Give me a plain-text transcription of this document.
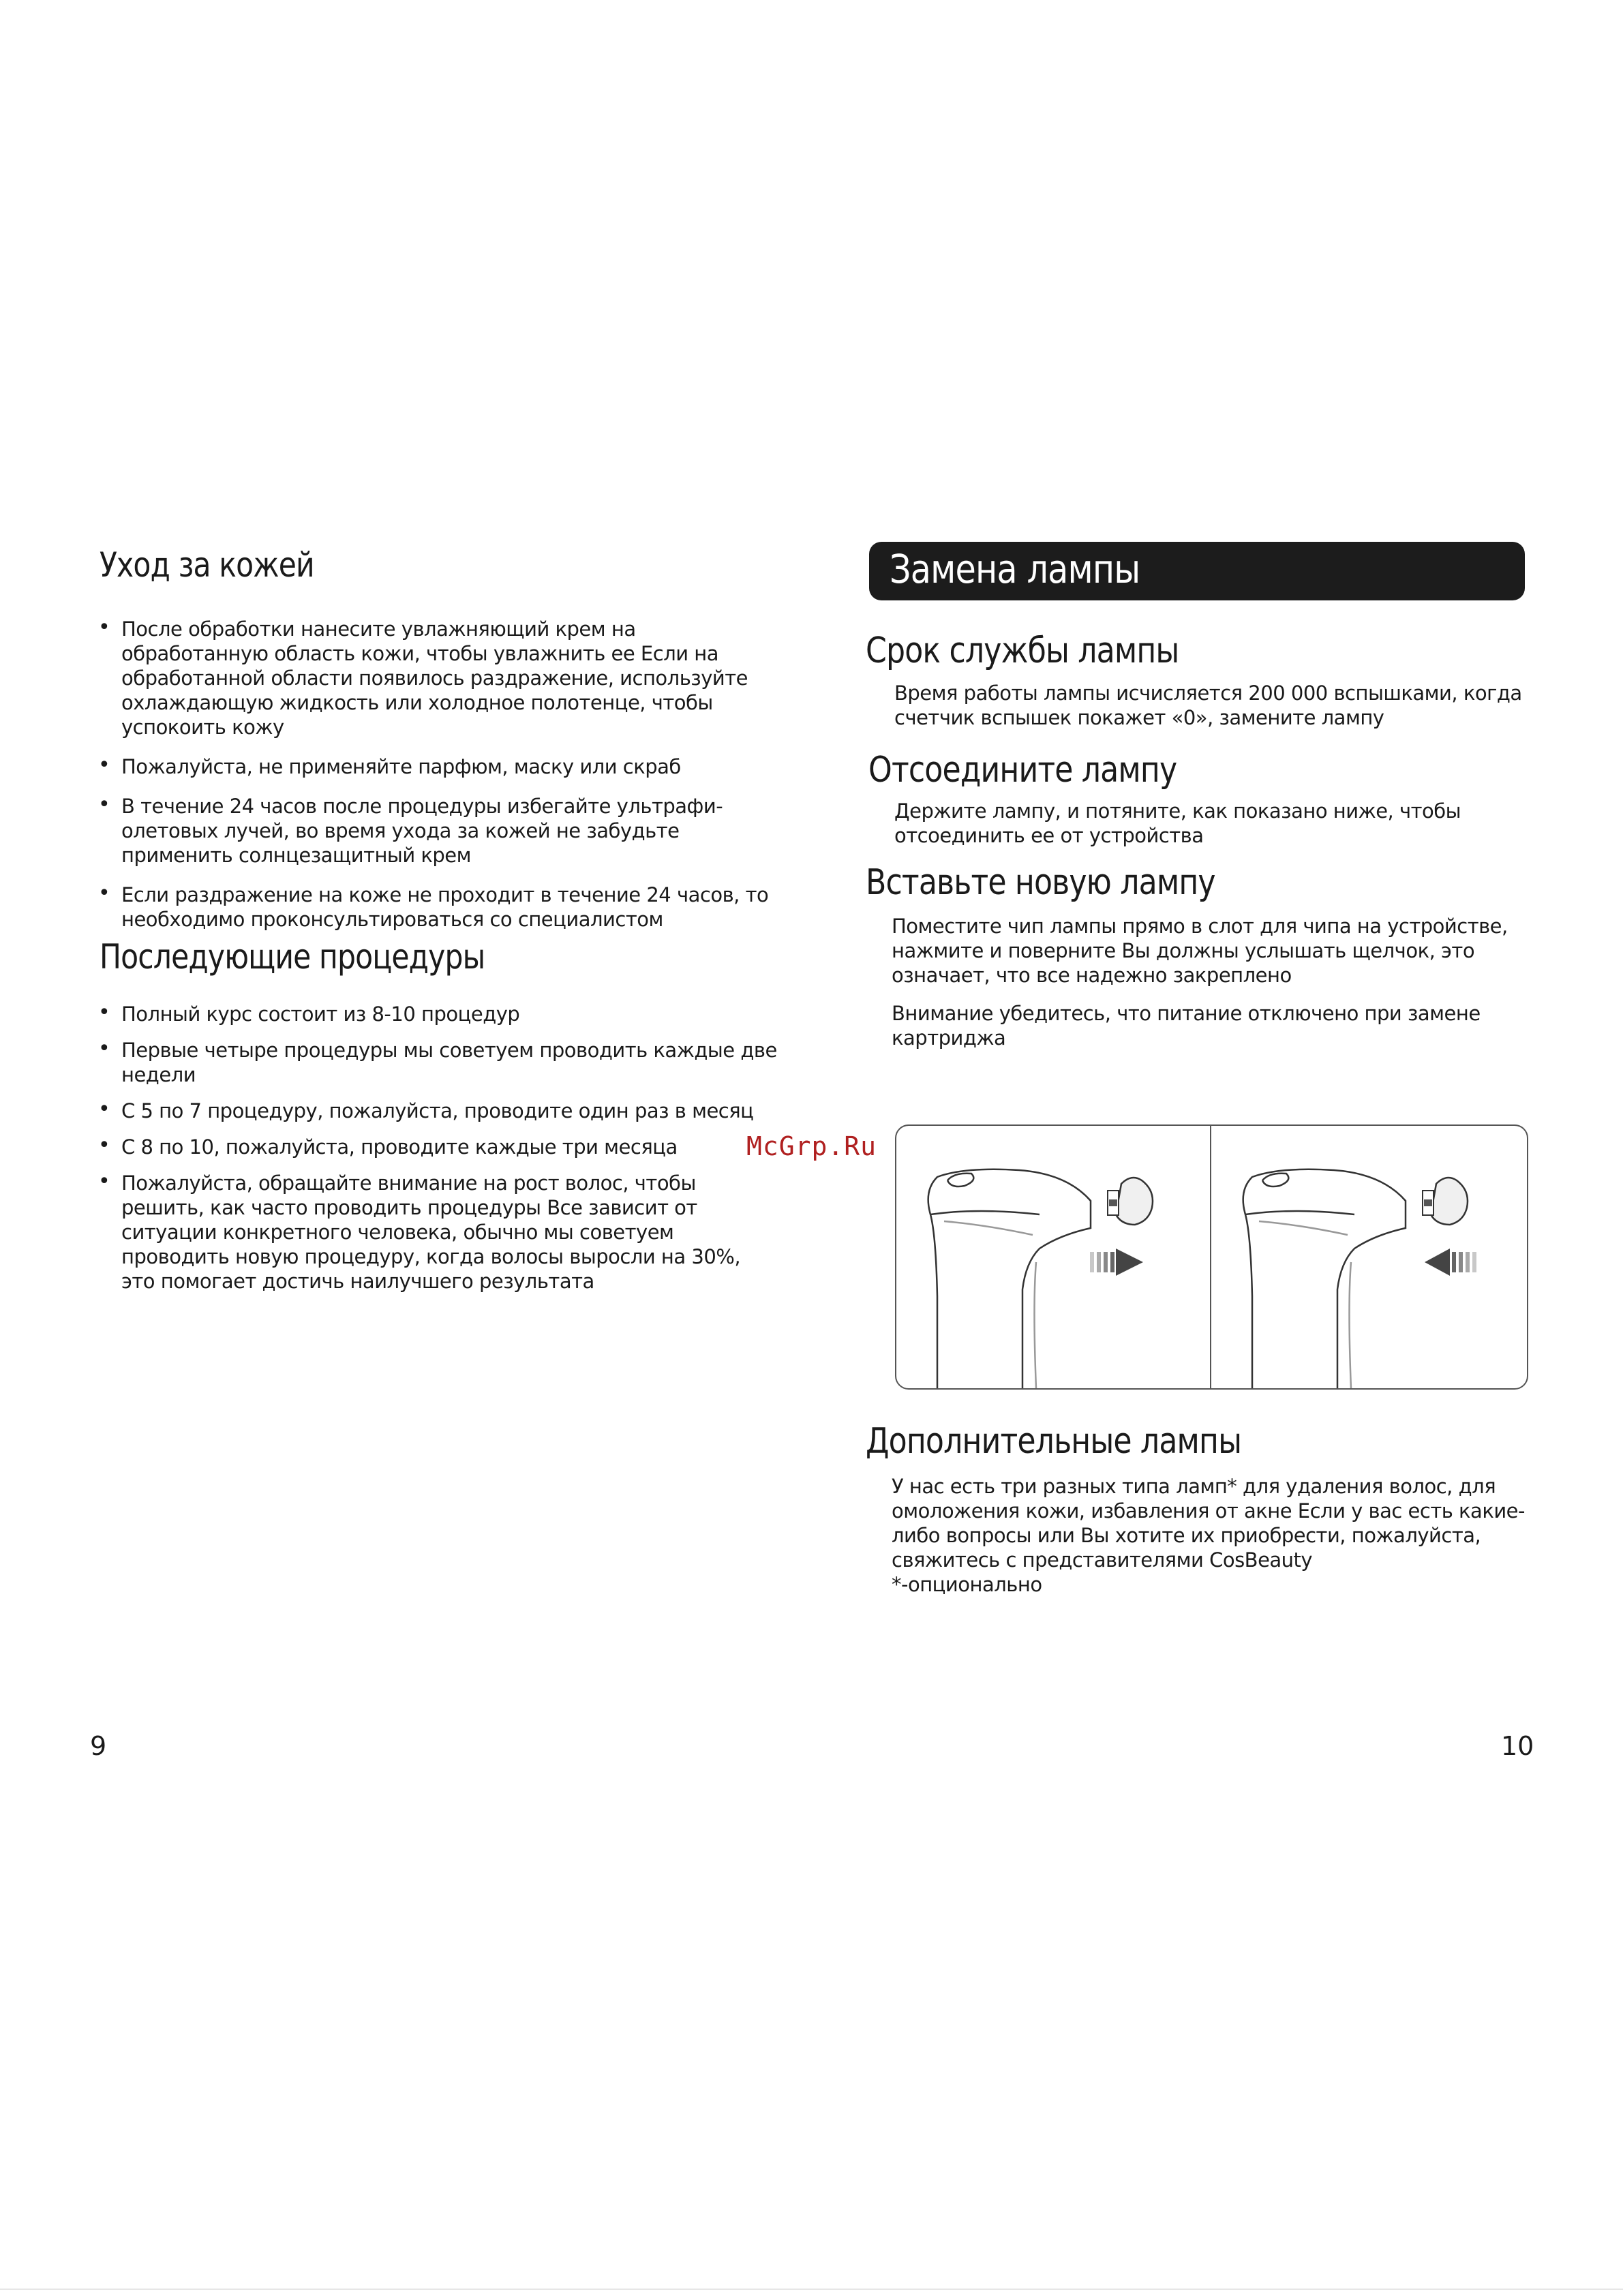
Уход за кожей
• После обработки нанесите увлажняющий крем на обработанную область кожи, чтобы увлажнить ее Если на обработанной области появилось раздражение, используйте охлаждающую жидкость или холодное полотенце, чтобы успокоить кожу
• Пожалуйста, не применяйте парфюм, маску или скраб
• В течение 24 часов после процедуры избегайте ультрафи-олетовых лучей, во время ухода за кожей не забудьте применить солнцезащитный крем
• Если раздражение на коже не проходит в течение 24 часов, то необходимо проконсультироваться со специалистом
Последующие процедуры
• Полный курс состоит из 8-10 процедур
• Первые четыре процедуры мы советуем проводить каждые две недели
• С 5 по 7 процедуру, пожалуйста, проводите один раз в месяц
• С 8 по 10, пожалуйста, проводите каждые три месяца
• Пожалуйста, обращайте внимание на рост волос, чтобы решить, как часто проводить процедуры Все зависит от ситуации конкретного человека, обычно мы советуем проводить новую процедуру, когда волосы выросли на 30%, это помогает достичь наилучшего результата
Замена лампы
Срок службы лампы

Время работы лампы исчисляется 200 000 вспышками, когда счетчик вспышек покажет «0», замените лампу

Отсоедините лампу

Держите лампу, и потяните, как показано ниже, чтобы отсоединить ее от устройства

Вставьте новую лампу

Поместите чип лампы прямо в слот для чипа на устройстве, нажмите и поверните Вы должны услышать щелчок, это означает, что все надежно закреплено

Внимание убедитесь, что питание отключено при замене картриджа

Дополнительные лампы

У нас есть три разных типа ламп* для удаления волос, для омоложения кожи, избавления от акне Если у вас есть какие-либо вопросы или Вы хотите их приобрести, пожалуйста, свяжитесь с представителями CosBeauty

*-опционально

9	10
McGrp.Ru
